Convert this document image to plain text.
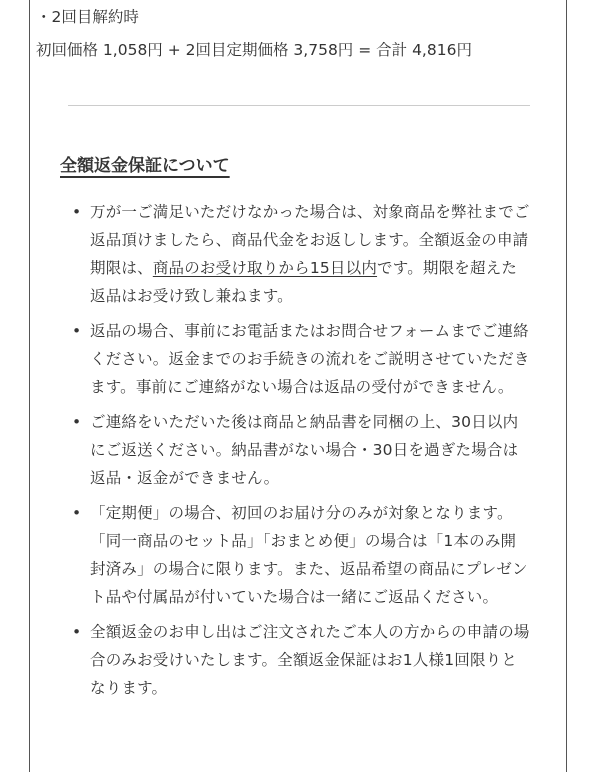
・2回目解約時
初回価格 1,058円 + 2回目定期価格 3,758円 = 合計 4,816円
全額返金保証について
• 万が一ご満足いただけなかった場合は、対象商品を弊社までご返品頂けましたら、商品代金をお返しします。全額返金の申請期限は、商品のお受け取りから15日以内です。期限を超えた返品はお受け致し兼ねます。
• 返品の場合、事前にお電話またはお問合せフォームまでご連絡ください。返金までのお手続きの流れをご説明させていただきます。事前にご連絡がない場合は返品の受付ができません。
• ご連絡をいただいた後は商品と納品書を同梱の上、30日以内にご返送ください。納品書がない場合・30日を過ぎた場合は返品・返金ができません。
• 「定期便」の場合、初回のお届け分のみが対象となります。「同一商品のセット品」「おまとめ便」の場合は「1本のみ開封済み」の場合に限ります。また、返品希望の商品にプレゼント品や付属品が付いていた場合は一緒にご返品ください。
• 全額返金のお申し出はご注文されたご本人の方からの申請の場合のみお受けいたします。全額返金保証はお1人様1回限りとなります。
